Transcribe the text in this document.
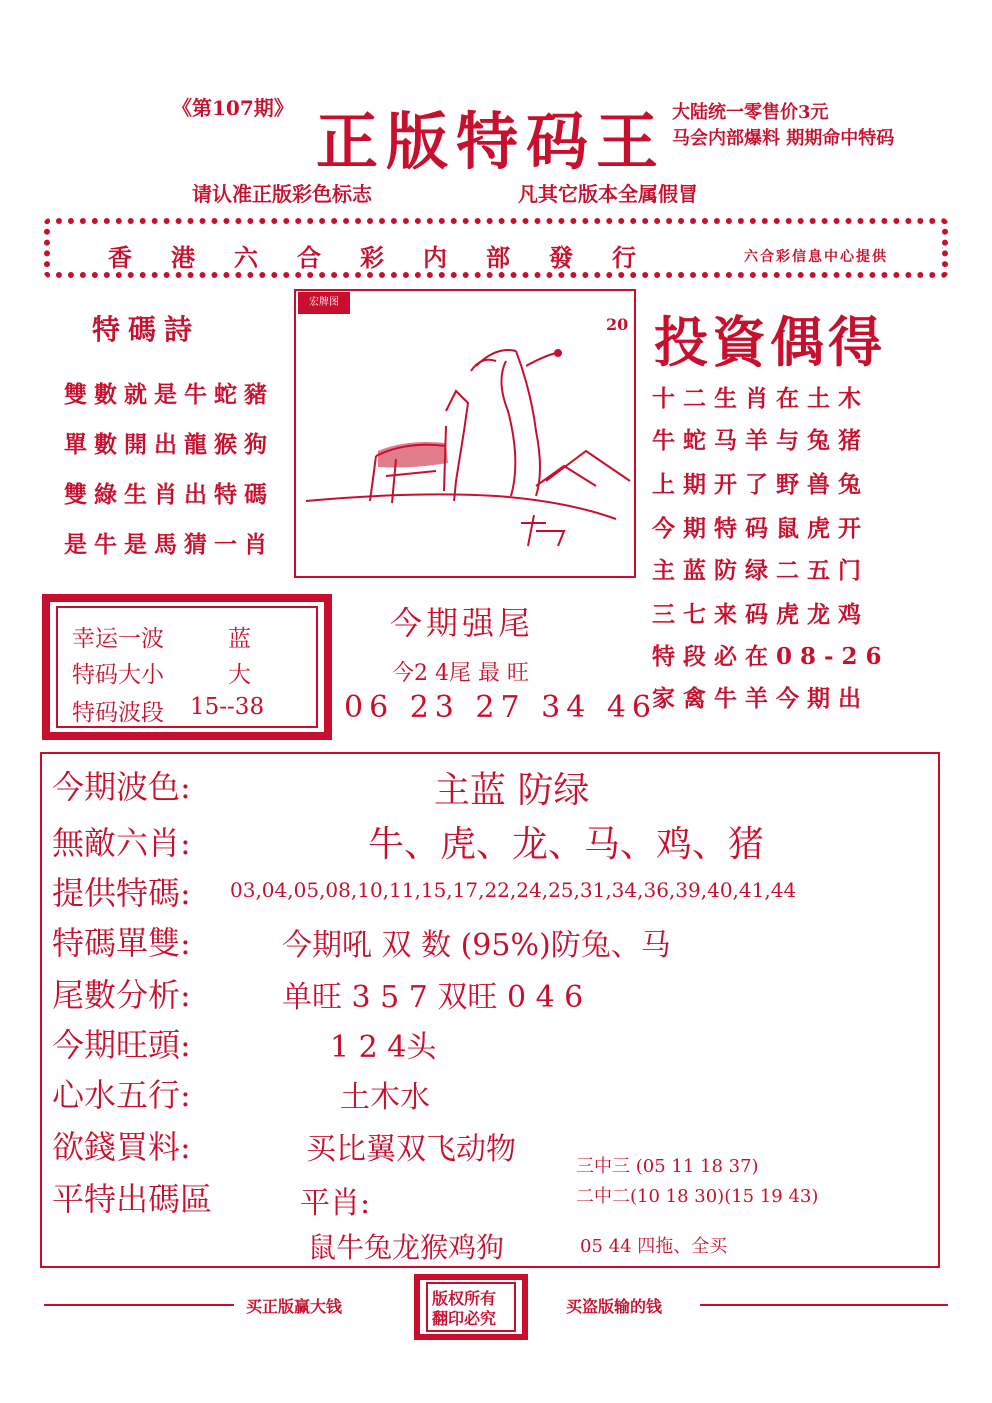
《第107期》 正版特码王 大陆统一零售价3元
马会内部爆料 期期命中特码
请认准正版彩色标志	凡其它版本全属假冒
香港六合彩内部發行	六合彩信息中心提供
特碼詩
雙數就是牛蛇豬
單數開出龍猴狗
雙綠生肖出特碼
是牛是馬猜一肖
宏牌图
20 投資偶得
十二生肖在土木
牛蛇马羊与兔猪
上期开了野兽兔
今期特码鼠虎开
主蓝防绿二五门
三七来码虎龙鸡
特段必在08-26
家禽牛羊今期出
幸运一波	蓝
特码大小	大
特码波段 15--38
今期强尾
今2 4尾 最 旺
06 23 27 34 46
今期波色:	主蓝 防绿
無敵六肖:	牛、虎、龙、马、鸡、猪
提供特碼: 03,04,05,08,10,11,15,17,22,24,25,31,34,36,39,40,41,44
特碼單雙:	今期吼 双 数 (95%)防兔、马
尾數分析:	单旺 3 5 7 双旺 0 4 6
今期旺頭:	1 2 4头
心水五行:	土木水
欲錢買料:	买比翼双飞动物
平特出碼區	平肖:
三中三 (05 11 18 37)
二中二(10 18 30)(15 19 43)
鼠牛兔龙猴鸡狗	05 44 四拖、全买
买正版赢大钱	版权所有
翻印必究
买盗版输的钱
